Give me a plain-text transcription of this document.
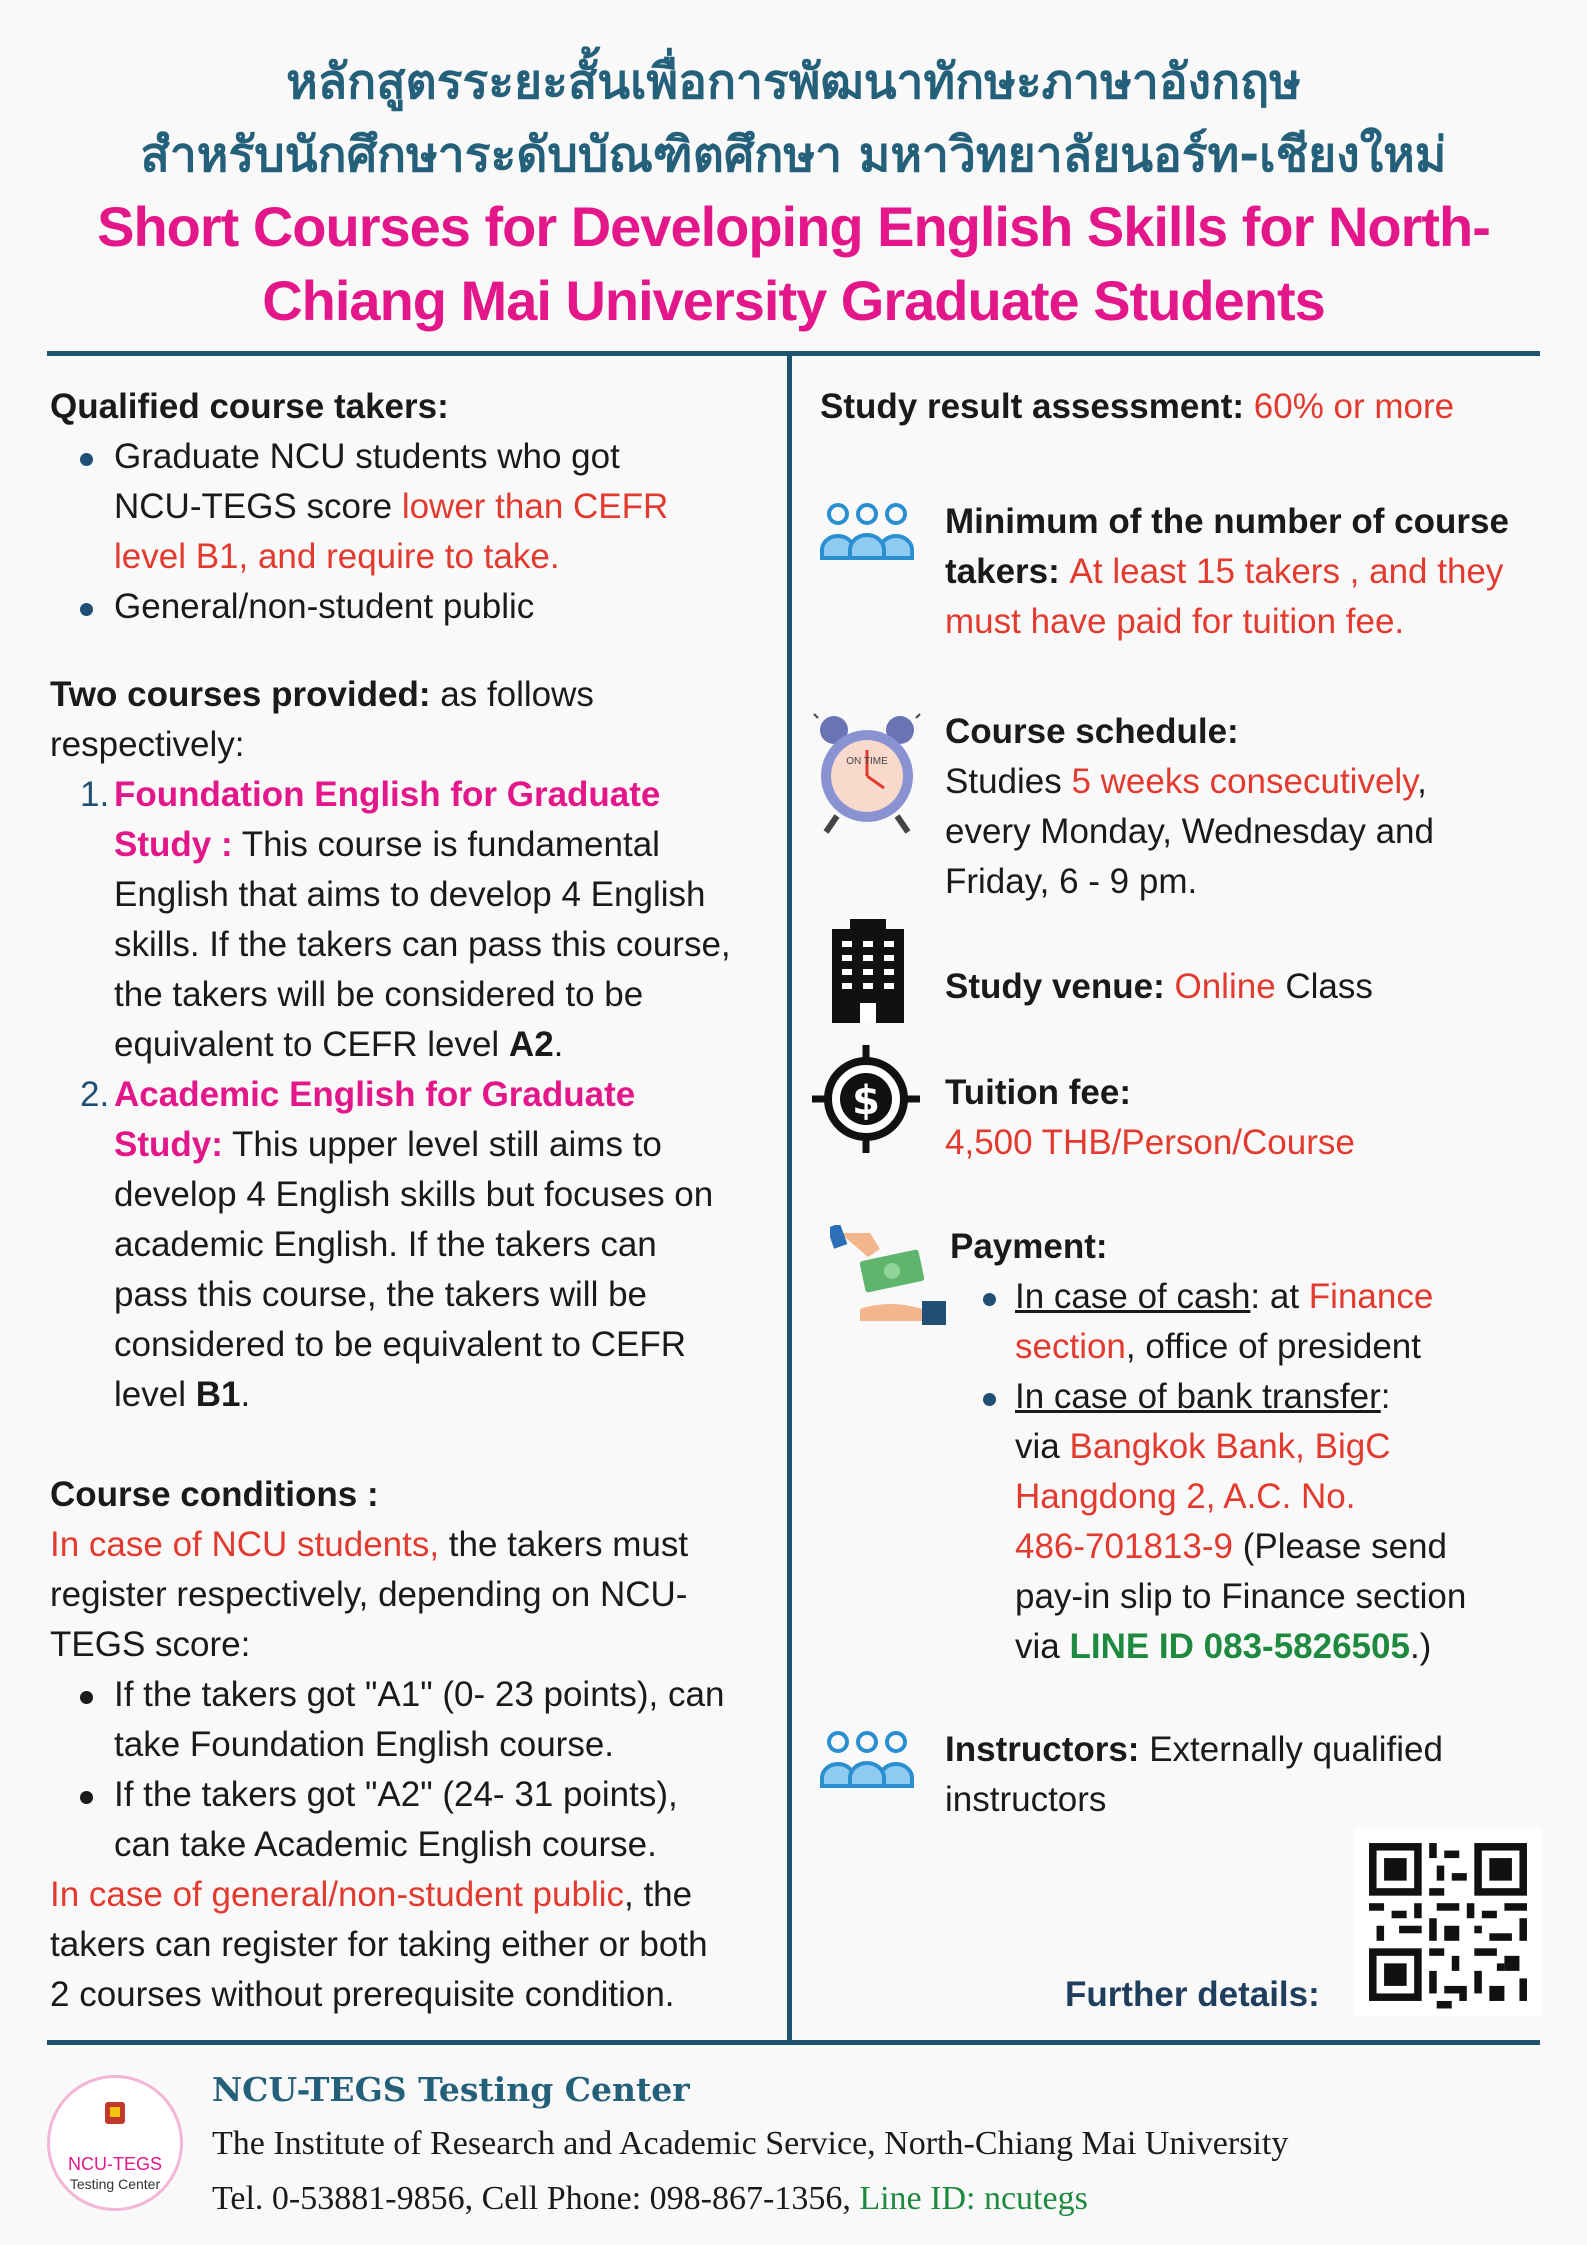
หลักสูตรระยะสั้นเพื่อการพัฒนาทักษะภาษาอังกฤษ
สำหรับนักศึกษาระดับบัณฑิตศึกษา มหาวิทยาลัยนอร์ท-เชียงใหม่
Short Courses for Developing English Skills for North-
Chiang Mai University Graduate Students
Qualified course takers:
Graduate NCU students who got
NCU-TEGS score lower than CEFR
level B1, and require to take.
General/non-student public
Two courses provided: as follows
respectively:
1. Foundation English for Graduate
Study : This course is fundamental
English that aims to develop 4 English
skills. If the takers can pass this course,
the takers will be considered to be
equivalent to CEFR level A2.
2. Academic English for Graduate
Study: This upper level still aims to
develop 4 English skills but focuses on
academic English. If the takers can
pass this course, the takers will be
considered to be equivalent to CEFR
level B1.
Course conditions :
In case of NCU students, the takers must
register respectively, depending on NCU-
TEGS score:
If the takers got "A1" (0- 23 points), can
take Foundation English course.
If the takers got "A2" (24- 31 points),
can take Academic English course.
In case of general/non-student public, the
takers can register for taking either or both
2 courses without prerequisite condition.
Study result assessment: 60% or more
Minimum of the number of course
takers: At least 15 takers , and they
must have paid for tuition fee.
ON TIME
Course schedule:
Studies 5 weeks consecutively,
every Monday, Wednesday and
Friday, 6 - 9 pm.
Study venue: Online Class
$ Tuition fee:
4,500 THB/Person/Course
Payment:
In case of cash: at Finance
section, office of president
In case of bank transfer:
via Bangkok Bank, BigC
Hangdong 2, A.C. No.
486-701813-9 (Please send
pay-in slip to Finance section
via LINE ID 083-5826505.)
Instructors: Externally qualified
instructors
Further details:
NCU-TEGS
Testing Center
NCU-TEGS Testing Center
The Institute of Research and Academic Service, North-Chiang Mai University
Tel. 0-53881-9856, Cell Phone: 098-867-1356, Line ID: ncutegs
